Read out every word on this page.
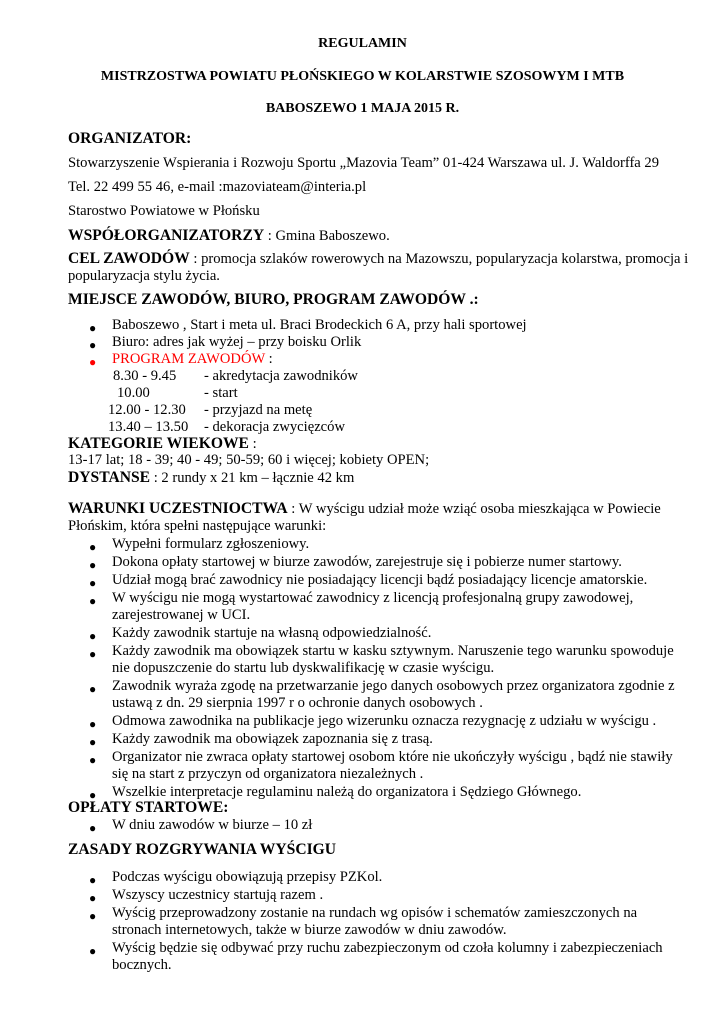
REGULAMIN
MISTRZOSTWA POWIATU PŁOŃSKIEGO W KOLARSTWIE SZOSOWYM I MTB
BABOSZEWO 1 MAJA 2015 R.
ORGANIZATOR:
Stowarzyszenie Wspierania i Rozwoju Sportu „Mazovia Team” 01-424 Warszawa ul. J. Waldorffa 29
Tel. 22 499 55 46, e-mail :mazoviateam@interia.pl
Starostwo Powiatowe w Płońsku
WSPÓŁORGANIZATORZY : Gmina Baboszewo.
CEL ZAWODÓW : promocja szlaków rowerowych na Mazowszu, popularyzacja kolarstwa, promocja i
popularyzacja stylu życia.
MIEJSCE ZAWODÓW, BIURO, PROGRAM ZAWODÓW .:
● Baboszewo , Start i meta ul. Braci Brodeckich 6 A, przy hali sportowej
● Biuro: adres jak wyżej – przy boisku Orlik
● PROGRAM ZAWODÓW :
8.30 - 9.45 - akredytacja zawodników
10.00	- start
12.00 - 12.30 - przyjazd na metę
13.40 – 13.50 - dekoracja zwycięzców
KATEGORIE WIEKOWE :
13-17 lat; 18 - 39; 40 - 49; 50-59; 60 i więcej; kobiety OPEN;
DYSTANSE : 2 rundy x 21 km – łącznie 42 km
WARUNKI UCZESTNIOCTWA : W wyścigu udział może wziąć osoba mieszkająca w Powiecie
Płońskim, która spełni następujące warunki:
● Wypełni formularz zgłoszeniowy.
● Dokona opłaty startowej w biurze zawodów, zarejestruje się i pobierze numer startowy.
● Udział mogą brać zawodnicy nie posiadający licencji bądź posiadający licencje amatorskie.
● W wyścigu nie mogą wystartować zawodnicy z licencją profesjonalną grupy zawodowej,
zarejestrowanej w UCI.
● Każdy zawodnik startuje na własną odpowiedzialność.
● Każdy zawodnik ma obowiązek startu w kasku sztywnym. Naruszenie tego warunku spowoduje
nie dopuszczenie do startu lub dyskwalifikację w czasie wyścigu.
● Zawodnik wyraża zgodę na przetwarzanie jego danych osobowych przez organizatora zgodnie z
ustawą z dn. 29 sierpnia 1997 r o ochronie danych osobowych .
● Odmowa zawodnika na publikacje jego wizerunku oznacza rezygnację z udziału w wyścigu .
● Każdy zawodnik ma obowiązek zapoznania się z trasą.
● Organizator nie zwraca opłaty startowej osobom które nie ukończyły wyścigu , bądź nie stawiły
się na start z przyczyn od organizatora niezależnych .
● Wszelkie interpretacje regulaminu należą do organizatora i Sędziego Głównego.
OPŁATY STARTOWE:
● W dniu zawodów w biurze – 10 zł
ZASADY ROZGRYWANIA WYŚCIGU
● Podczas wyścigu obowiązują przepisy PZKol.
● Wszyscy uczestnicy startują razem .
● Wyścig przeprowadzony zostanie na rundach wg opisów i schematów zamieszczonych na
stronach internetowych, także w biurze zawodów w dniu zawodów.
● Wyścig będzie się odbywać przy ruchu zabezpieczonym od czoła kolumny i zabezpieczeniach
bocznych.
